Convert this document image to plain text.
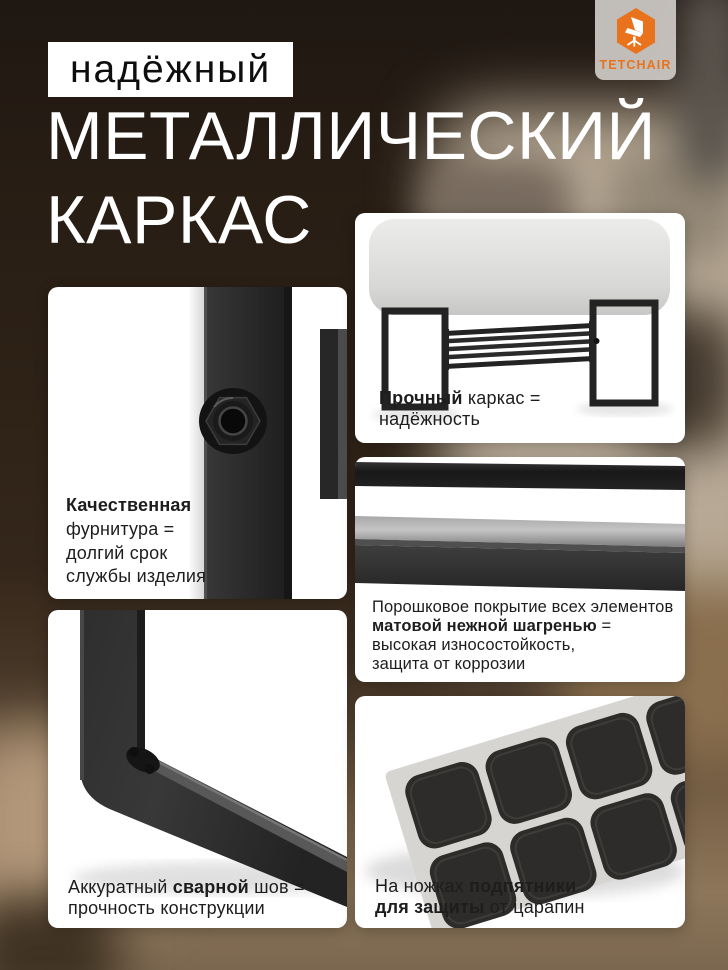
TETCHAIR
надёжный
МЕТАЛЛИЧЕСКИЙ
КАРКАС
Качественная
фурнитура =
долгий срок
службы изделия
Аккуратный сварной шов =
прочность конструкции
Прочный каркас =
надёжность
Порошковое покрытие всех элементов
матовой нежной шагренью =
высокая износостойкость,
защита от коррозии
На ножках подпятники
для защиты от царапин
